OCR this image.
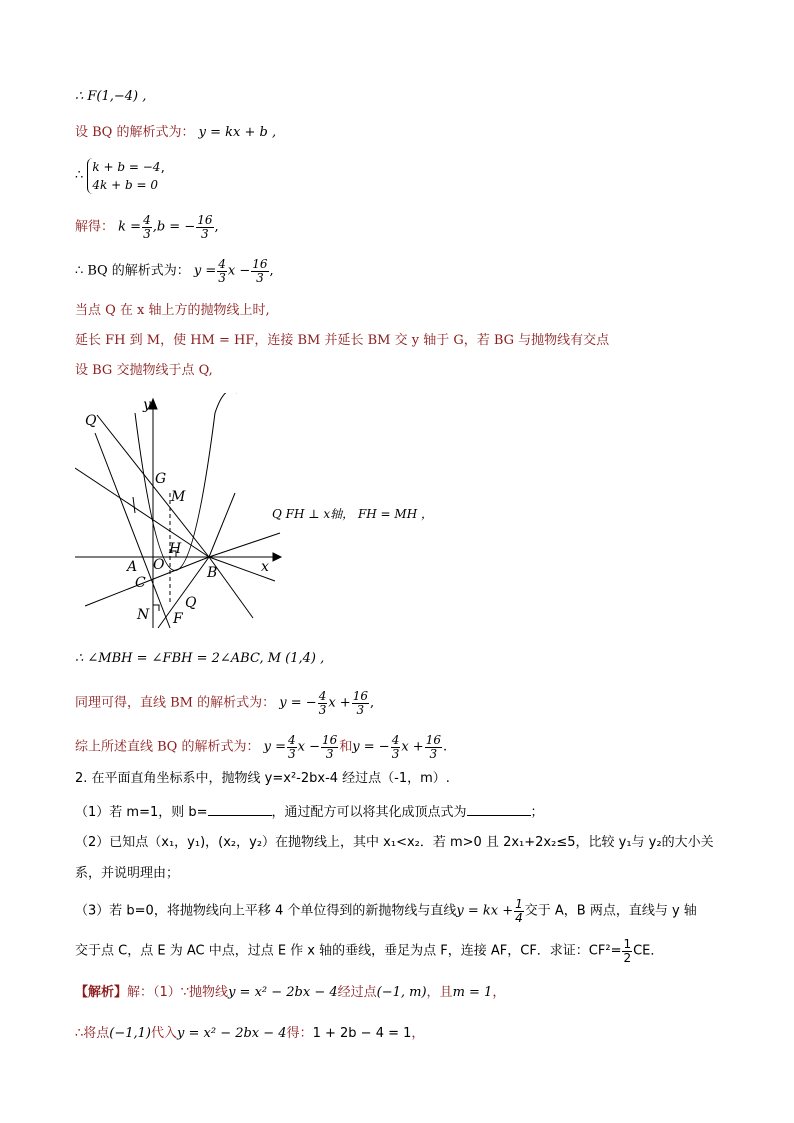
∴ F(1,−4) ,
设 BQ 的解析式为： y = kx + b ,
∴
k + b = −4
4k + b = 0
’
解得： $k = \frac{4}{3} ,b$ = − $\frac{16}{3}$ ,
∴ BQ 的解析式为： $y = \frac{4}{3}$ $x - \frac{16}{3}$ ,
当点 Q 在 x 轴上方的抛物线上时,
延长 FH 到 M，使 HM = HF，连接 BM 并延长 BM 交 y 轴于 G，若 BG 与抛物线有交点
设 BG 交抛物线于点 Q,
y
x
Q
G
M
H
A O	B
C
N
Q
F
Q FH ⊥ x轴， FH = MH ，
∴ ∠MBH = ∠FBH = 2∠ABC, M (1,4) ,
同理可得，直线 BM 的解析式为： y = − $\frac{4}{3}$ $x + \frac{16}{3}$ ,
综上所述直线 BQ 的解析式为： $y = \frac{4}{3}$ $x - \frac{16}{3}$ 和y = − $\frac{4}{3}$ $x + \frac{16}{3}$ .
2. 在平面直角坐标系中，抛物线 y=x²-2bx-4 经过点（-1，m）.
（1）若 m=1，则 b=	，通过配方可以将其化成顶点式为	；
（2）已知点（x₁，y₁)，(x₂，y₂）在抛物线上，其中 x₁<x₂．若 m>0 且 2x₁+2x₂≤5，比较 y₁与 y₂的大小关
系，并说明理由；
（3）若 b=0，将抛物线向上平移 4 个单位得到的新抛物线与直线y = kx + $\frac{1}{4}$ 交于 A，B 两点，直线与 y 轴
交于点 C，点 E 为 AC 中点，过点 E 作 x 轴的垂线，垂足为点 F，连接 AF，CF．求证：$CF^2= \frac{1}{2}$ CE．
【解析】解：（1）∵抛物线y = x² − 2bx − 4经过点(−1, m)，且m = 1，
∴将点(−1,1)代入y = x² − 2bx − 4得：1 + 2b − 4 = 1，
